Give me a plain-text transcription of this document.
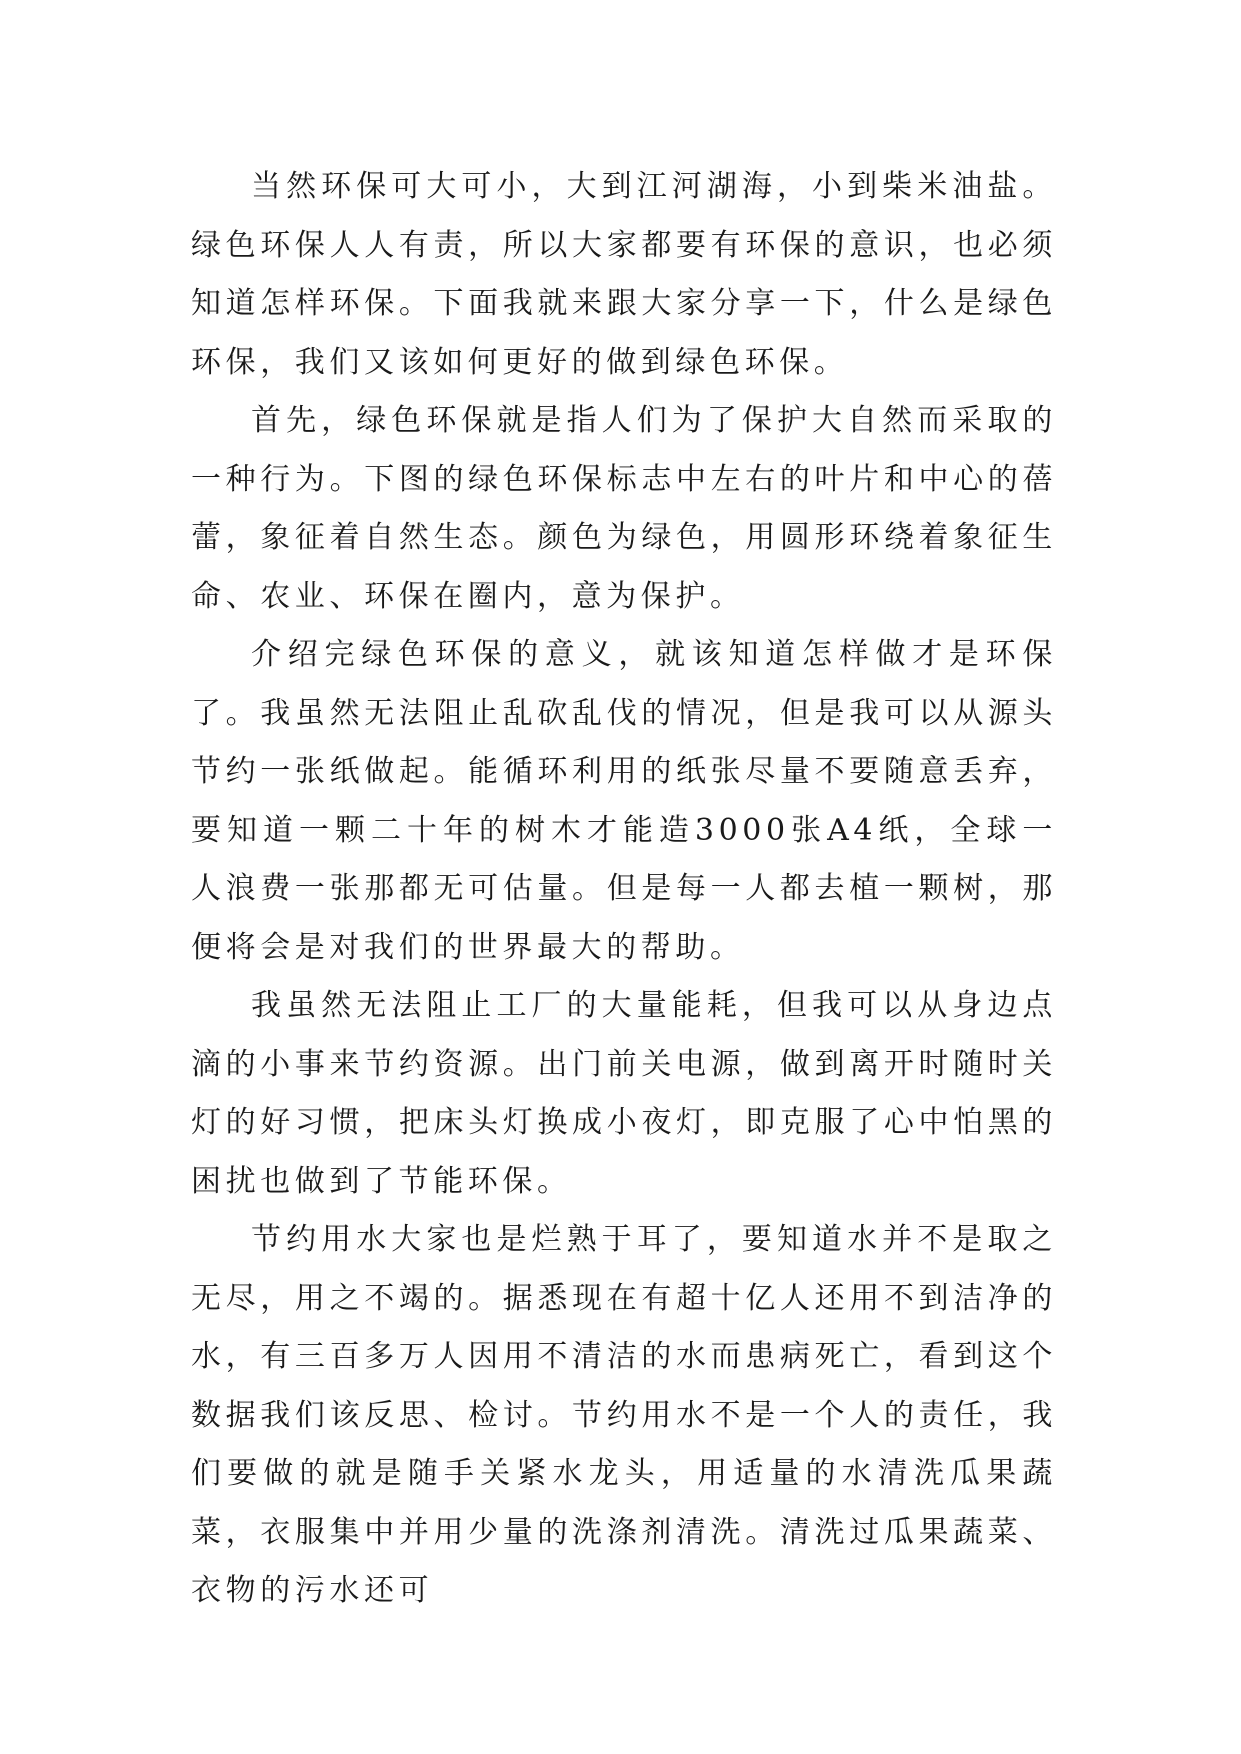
当然环保可大可小，大到江河湖海，小到柴米油盐。绿色环保人人有责，所以大家都要有环保的意识，也必须知道怎样环保。下面我就来跟大家分享一下，什么是绿色环保，我们又该如何更好的做到绿色环保。

首先，绿色环保就是指人们为了保护大自然而采取的一种行为。下图的绿色环保标志中左右的叶片和中心的蓓蕾，象征着自然生态。颜色为绿色，用圆形环绕着象征生命、农业、环保在圈内，意为保护。

介绍完绿色环保的意义，就该知道怎样做才是环保了。我虽然无法阻止乱砍乱伐的情况，但是我可以从源头节约一张纸做起。能循环利用的纸张尽量不要随意丢弃，要知道一颗二十年的树木才能造3000张A4纸，全球一人浪费一张那都无可估量。但是每一人都去植一颗树，那便将会是对我们的世界最大的帮助。

我虽然无法阻止工厂的大量能耗，但我可以从身边点滴的小事来节约资源。出门前关电源，做到离开时随时关灯的好习惯，把床头灯换成小夜灯，即克服了心中怕黑的困扰也做到了节能环保。

节约用水大家也是烂熟于耳了，要知道水并不是取之无尽，用之不竭的。据悉现在有超十亿人还用不到洁净的水，有三百多万人因用不清洁的水而患病死亡，看到这个数据我们该反思、检讨。节约用水不是一个人的责任，我们要做的就是随手关紧水龙头，用适量的水清洗瓜果蔬菜，衣服集中并用少量的洗涤剂清洗。清洗过瓜果蔬菜、衣物的污水还可
